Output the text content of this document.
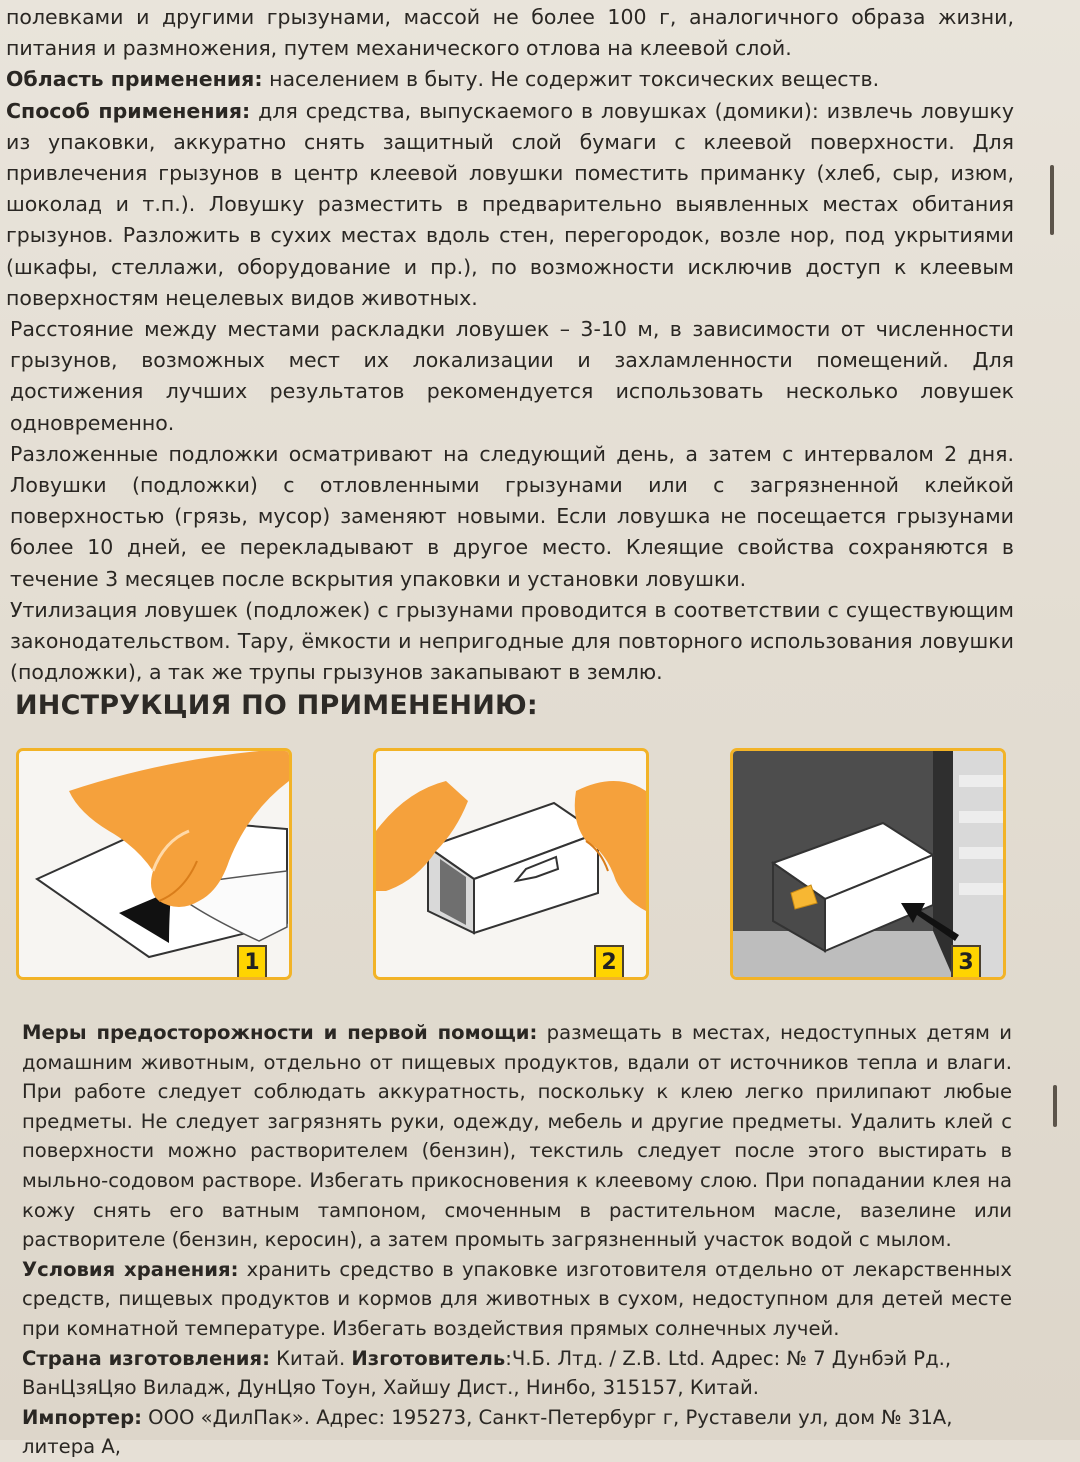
полевками и другими грызунами, массой не более 100 г, аналогичного образа жизни, питания и размножения, путем механического отлова на клеевой слой.

Область применения: населением в быту. Не содержит токсических веществ.

Способ применения: для средства, выпускаемого в ловушках (домики): извлечь ловушку из упаковки, аккуратно снять защитный слой бумаги с клеевой поверхности. Для привлечения грызунов в центр клеевой ловушки поместить приманку (хлеб, сыр, изюм, шоколад и т.п.). Ловушку разместить в предварительно выявленных местах обитания грызунов. Разложить в сухих местах вдоль стен, перегородок, возле нор, под укрытиями (шкафы, стеллажи, оборудование и пр.), по возможности исключив доступ к клеевым поверхностям нецелевых видов животных.

Расстояние между местами раскладки ловушек – 3-10 м, в зависимости от численности грызунов, возможных мест их локализации и захламленности помещений. Для достижения лучших результатов рекомендуется использовать несколько ловушек одновременно.

Разложенные подложки осматривают на следующий день, а затем с интервалом 2 дня. Ловушки (подложки) с отловленными грызунами или с загрязненной клейкой поверхностью (грязь, мусор) заменяют новыми. Если ловушка не посещается грызунами более 10 дней, ее перекладывают в другое место. Клеящие свойства сохраняются в течение 3 месяцев после вскрытия упаковки и установки ловушки.

Утилизация ловушек (подложек) с грызунами проводится в соответствии с существующим законодательством. Тару, ёмкости и непригодные для повторного использования ловушки (подложки), а так же трупы грызунов закапывают в землю.

ИНСТРУКЦИЯ ПО ПРИМЕНЕНИЮ:
1	2	3

Меры предосторожности и первой помощи: размещать в местах, недоступных детям и домашним животным, отдельно от пищевых продуктов, вдали от источников тепла и влаги. При работе следует соблюдать аккуратность, поскольку к клею легко прилипают любые предметы. Не следует загрязнять руки, одежду, мебель и другие предметы. Удалить клей с поверхности можно растворителем (бензин), текстиль следует после этого выстирать в мыльно-содовом растворе. Избегать прикосновения к клеевому слою. При попадании клея на кожу снять его ватным тампоном, смоченным в растительном масле, вазелине или растворителе (бензин, керосин), а затем промыть загрязненный участок водой с мылом.

Условия хранения: хранить средство в упаковке изготовителя отдельно от лекарственных средств, пищевых продуктов и кормов для животных в сухом, недоступном для детей месте при комнатной температуре. Избегать воздействия прямых солнечных лучей.

Страна изготовления: Китай. Изготовитель:Ч.Б. Лтд. / Z.B. Ltd. Адрес: № 7 Дунбэй Рд., ВанЦзяЦяо Виладж, ДунЦяо Тоун, Хайшу Дист., Нинбо, 315157, Китай.

Импортер: ООО «ДилПак». Адрес: 195273, Санкт-Петербург г, Руставели ул, дом № 31А, литера А,
